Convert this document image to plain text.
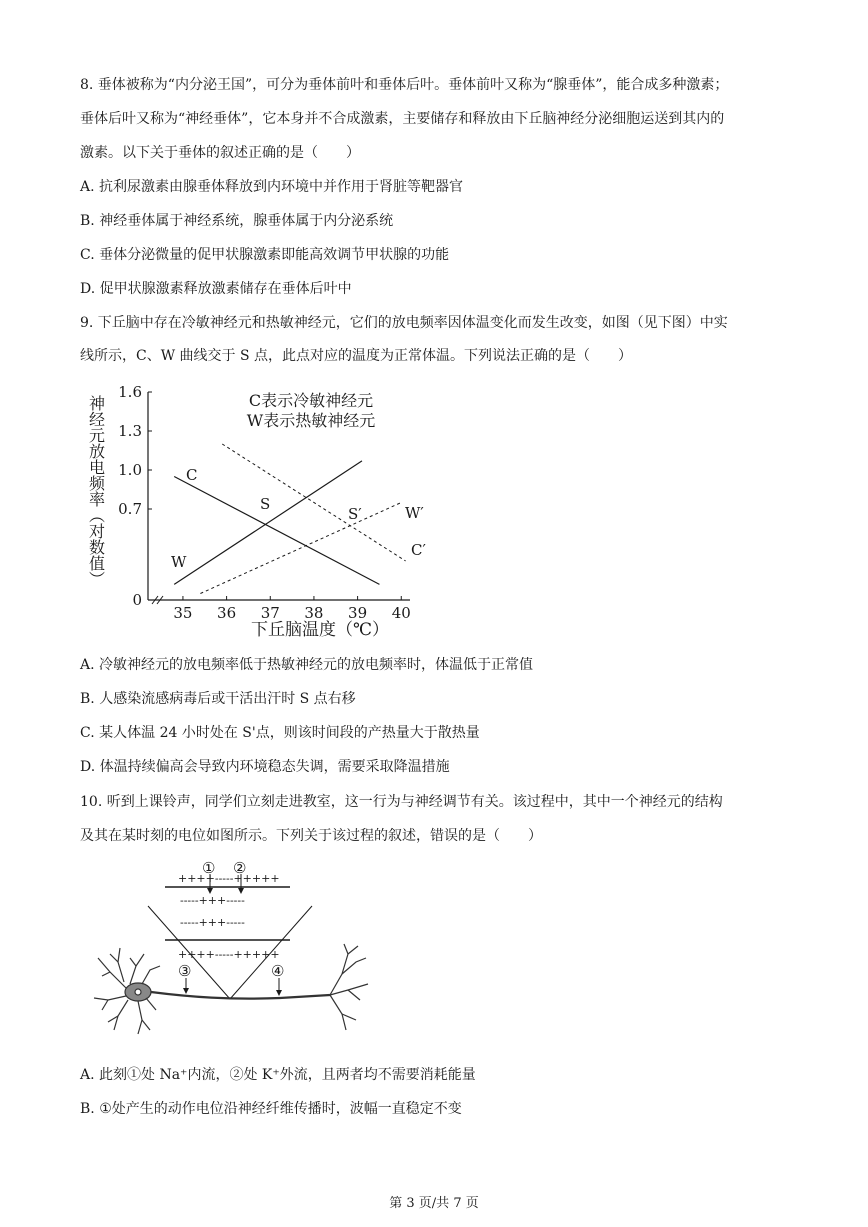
8. 垂体被称为“内分泌王国”，可分为垂体前叶和垂体后叶。垂体前叶又称为“腺垂体”，能合成多种激素；
垂体后叶又称为“神经垂体”，它本身并不合成激素，主要储存和释放由下丘脑神经分泌细胞运送到其内的
激素。以下关于垂体的叙述正确的是（　　）
A. 抗利尿激素由腺垂体释放到内环境中并作用于肾脏等靶器官
B. 神经垂体属于神经系统，腺垂体属于内分泌系统
C. 垂体分泌微量的促甲状腺激素即能高效调节甲状腺的功能
D. 促甲状腺激素释放激素储存在垂体后叶中
9. 下丘脑中存在冷敏神经元和热敏神经元，它们的放电频率因体温变化而发生改变，如图（见下图）中实
线所示，C、W 曲线交于 S 点，此点对应的温度为正常体温。下列说法正确的是（　　）
35 36 37 38 39 40
0
0.7
1.0
1.3
1.6
神经元放电频率（对数值）
下丘脑温度（℃）
C表示冷敏神经元
W表示热敏神经元
C
W
C′
W′
S
S′
A. 冷敏神经元的放电频率低于热敏神经元的放电频率时，体温低于正常值
B. 人感染流感病毒后或干活出汗时 S 点右移
C. 某人体温 24 小时处在 S'点，则该时间段的产热量大于散热量
D. 体温持续偏高会导致内环境稳态失调，需要采取降温措施
10. 听到上课铃声，同学们立刻走进教室，这一行为与神经调节有关。该过程中，其中一个神经元的结构
及其在某时刻的电位如图所示。下列关于该过程的叙述，错误的是（　　）
++++-----+++++
-----+++-----
-----+++-----
++++-----+++++
① ②
③	④
A. 此刻①处 Na⁺内流，②处 K⁺外流，且两者均不需要消耗能量
B. ①处产生的动作电位沿神经纤维传播时，波幅一直稳定不变
第 3 页/共 7 页
